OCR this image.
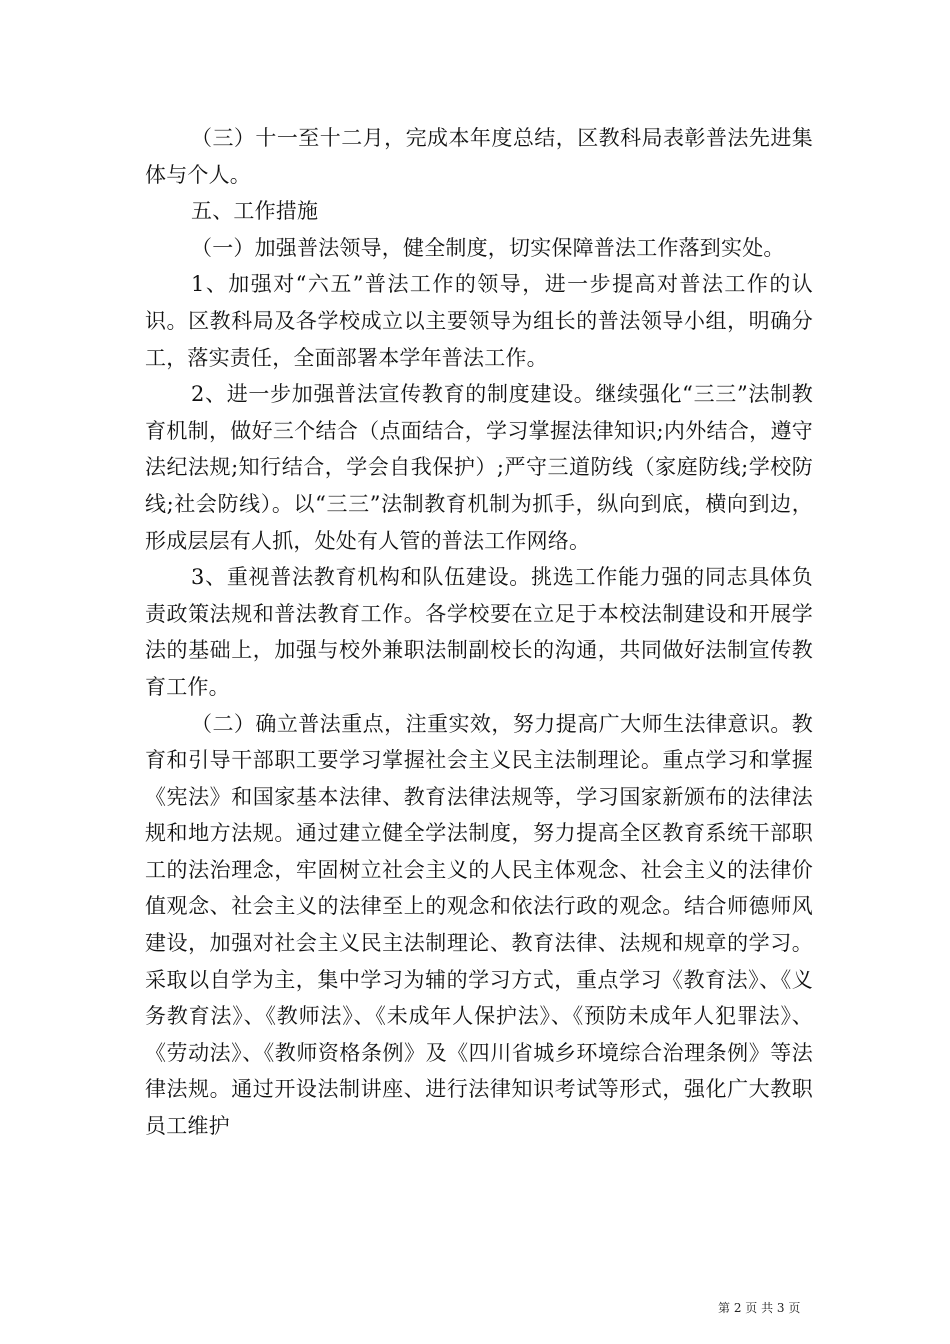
（三）十一至十二月，完成本年度总结，区教科局表彰普法先进集体与个人。

五、工作措施

（一）加强普法领导，健全制度，切实保障普法工作落到实处。

1、加强对“六五”普法工作的领导，进一步提高对普法工作的认识。区教科局及各学校成立以主要领导为组长的普法领导小组，明确分工，落实责任，全面部署本学年普法工作。

2、进一步加强普法宣传教育的制度建设。继续强化“三三”法制教育机制，做好三个结合（点面结合，学习掌握法律知识;内外结合，遵守法纪法规;知行结合，学会自我保护）;严守三道防线（家庭防线;学校防线;社会防线）。以“三三”法制教育机制为抓手，纵向到底，横向到边，形成层层有人抓，处处有人管的普法工作网络。

3、重视普法教育机构和队伍建设。挑选工作能力强的同志具体负责政策法规和普法教育工作。各学校要在立足于本校法制建设和开展学法的基础上，加强与校外兼职法制副校长的沟通，共同做好法制宣传教育工作。

（二）确立普法重点，注重实效，努力提高广大师生法律意识。教育和引导干部职工要学习掌握社会主义民主法制理论。重点学习和掌握《宪法》和国家基本法律、教育法律法规等，学习国家新颁布的法律法规和地方法规。通过建立健全学法制度，努力提高全区教育系统干部职工的法治理念，牢固树立社会主义的人民主体观念、社会主义的法律价值观念、社会主义的法律至上的观念和依法行政的观念。结合师德师风建设，加强对社会主义民主法制理论、教育法律、法规和规章的学习。采取以自学为主，集中学习为辅的学习方式，重点学习《教育法》、《义务教育法》、《教师法》、《未成年人保护法》、《预防未成年人犯罪法》、《劳动法》、《教师资格条例》及《四川省城乡环境综合治理条例》等法律法规。通过开设法制讲座、进行法律知识考试等形式，强化广大教职员工维护

第 2 页 共 3 页
